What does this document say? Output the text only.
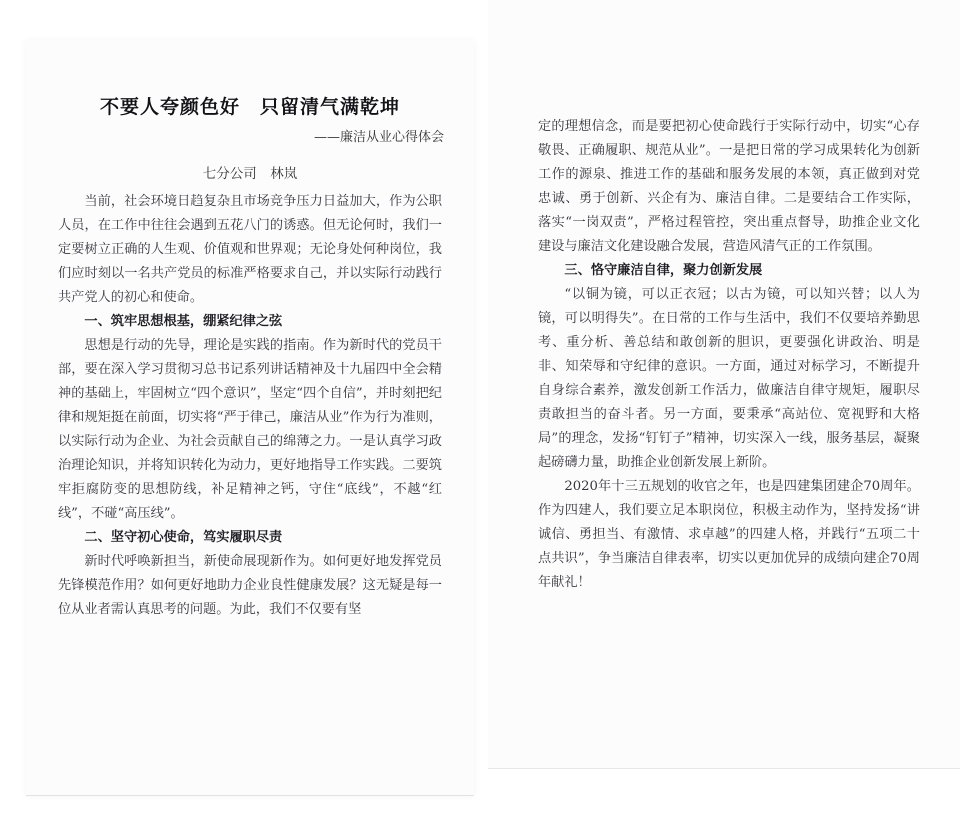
不要人夸颜色好　只留清气满乾坤
——廉洁从业心得体会
七分公司　林岚

当前，社会环境日趋复杂且市场竞争压力日益加大，作为公职人员，在工作中往往会遇到五花八门的诱惑。但无论何时，我们一定要树立正确的人生观、价值观和世界观；无论身处何种岗位，我们应时刻以一名共产党员的标准严格要求自己，并以实际行动践行共产党人的初心和使命。

一、筑牢思想根基，绷紧纪律之弦

思想是行动的先导，理论是实践的指南。作为新时代的党员干部，要在深入学习贯彻习总书记系列讲话精神及十九届四中全会精神的基础上，牢固树立“四个意识”，坚定“四个自信”，并时刻把纪律和规矩挺在前面，切实将“严于律己，廉洁从业”作为行为准则，以实际行动为企业、为社会贡献自己的绵薄之力。一是认真学习政治理论知识，并将知识转化为动力，更好地指导工作实践。二要筑牢拒腐防变的思想防线，补足精神之钙，守住“底线”，不越“红线”，不碰“高压线”。

二、坚守初心使命，笃实履职尽责

新时代呼唤新担当，新使命展现新作为。如何更好地发挥党员先锋模范作用？如何更好地助力企业良性健康发展？这无疑是每一位从业者需认真思考的问题。为此，我们不仅要有坚

定的理想信念，而是要把初心使命践行于实际行动中，切实“心存敬畏、正确履职、规范从业”。一是把日常的学习成果转化为创新工作的源泉、推进工作的基础和服务发展的本领，真正做到对党忠诚、勇于创新、兴企有为、廉洁自律。二是要结合工作实际，落实“一岗双责”，严格过程管控，突出重点督导，助推企业文化建设与廉洁文化建设融合发展，营造风清气正的工作氛围。

三、恪守廉洁自律，聚力创新发展

“以铜为镜，可以正衣冠；以古为镜，可以知兴替；以人为镜，可以明得失”。在日常的工作与生活中，我们不仅要培养勤思考、重分析、善总结和敢创新的胆识，更要强化讲政治、明是非、知荣辱和守纪律的意识。一方面，通过对标学习，不断提升自身综合素养，激发创新工作活力，做廉洁自律守规矩，履职尽责敢担当的奋斗者。另一方面，要秉承“高站位、宽视野和大格局”的理念，发扬“钉钉子”精神，切实深入一线，服务基层，凝聚起磅礴力量，助推企业创新发展上新阶。

2020年十三五规划的收官之年，也是四建集团建企70周年。作为四建人，我们要立足本职岗位，积极主动作为，坚持发扬“讲诚信、勇担当、有激情、求卓越”的四建人格，并践行“五项二十点共识”，争当廉洁自律表率，切实以更加优异的成绩向建企70周年献礼！
